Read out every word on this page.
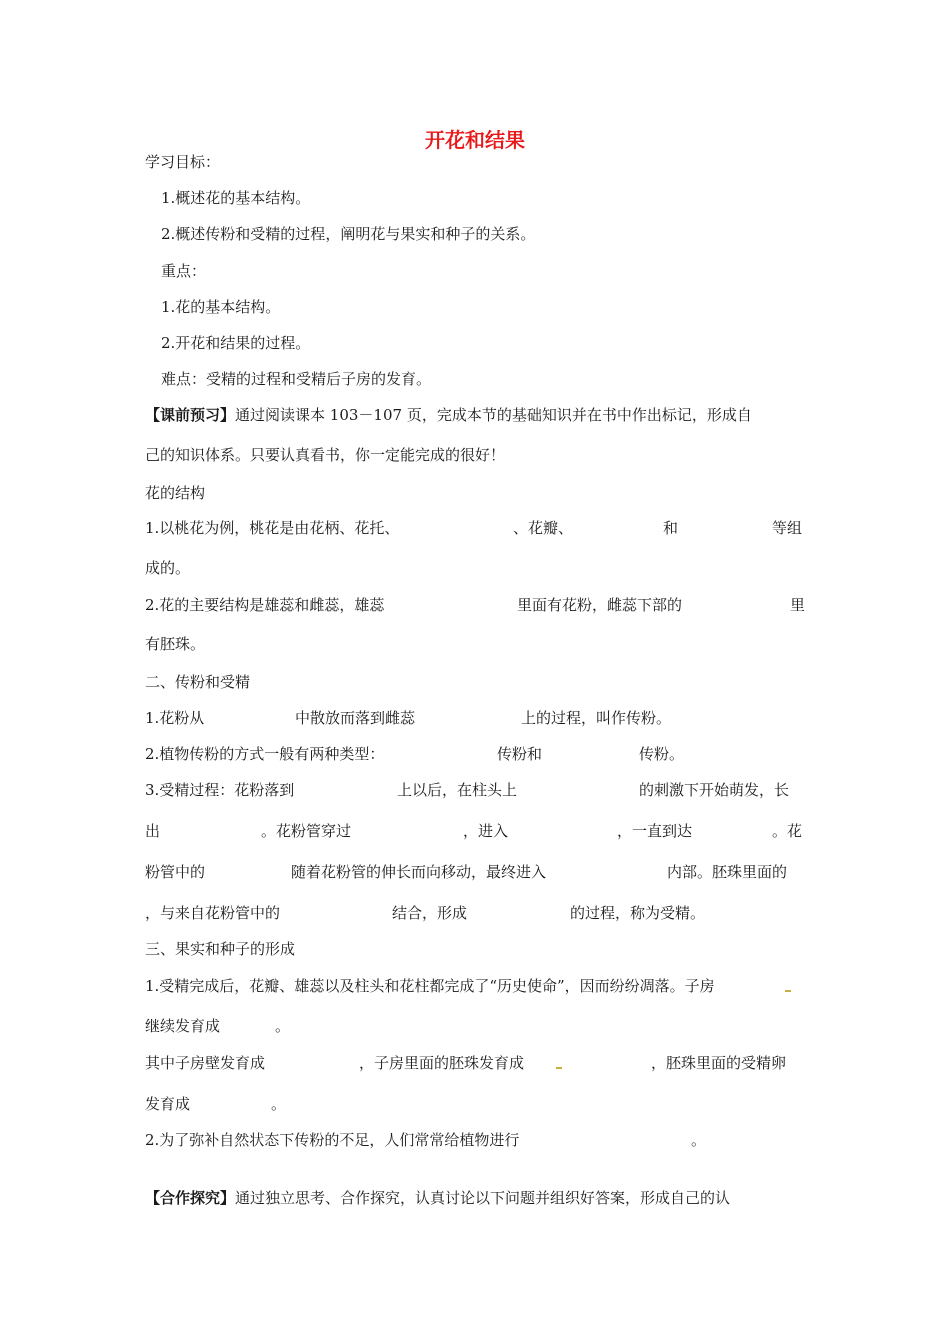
开花和结果
学习目标：
1.概述花的基本结构。
2.概述传粉和受精的过程，阐明花与果实和种子的关系。
重点：
1.花的基本结构。
2.开花和结果的过程。
难点：受精的过程和受精后子房的发育。
【课前预习】通过阅读课本 103－107 页，完成本节的基础知识并在书中作出标记，形成自
己的知识体系。只要认真看书，你一定能完成的很好！
花的结构
1.以桃花为例，桃花是由花柄、花托、	、花瓣、	和	等组
成的。
2.花的主要结构是雄蕊和雌蕊，雄蕊	里面有花粉，雌蕊下部的	里
有胚珠。
二、传粉和受精
1.花粉从	中散放而落到雌蕊	上的过程，叫作传粉。
2.植物传粉的方式一般有两种类型：	传粉和	传粉。
3.受精过程：花粉落到	上以后，在柱头上	的刺激下开始萌发，长
出	。花粉管穿过	，进入	，一直到达	。花
粉管中的	随着花粉管的伸长而向移动，最终进入	内部。胚珠里面的
，与来自花粉管中的	结合，形成	的过程，称为受精。
三、果实和种子的形成
1.受精完成后，花瓣、雄蕊以及柱头和花柱都完成了“历史使命”，因而纷纷凋落。子房
继续发育成	。
其中子房壁发育成	，子房里面的胚珠发育成	，胚珠里面的受精卵
发育成	。
2.为了弥补自然状态下传粉的不足，人们常常给植物进行	。
【合作探究】通过独立思考、合作探究，认真讨论以下问题并组织好答案，形成自己的认
